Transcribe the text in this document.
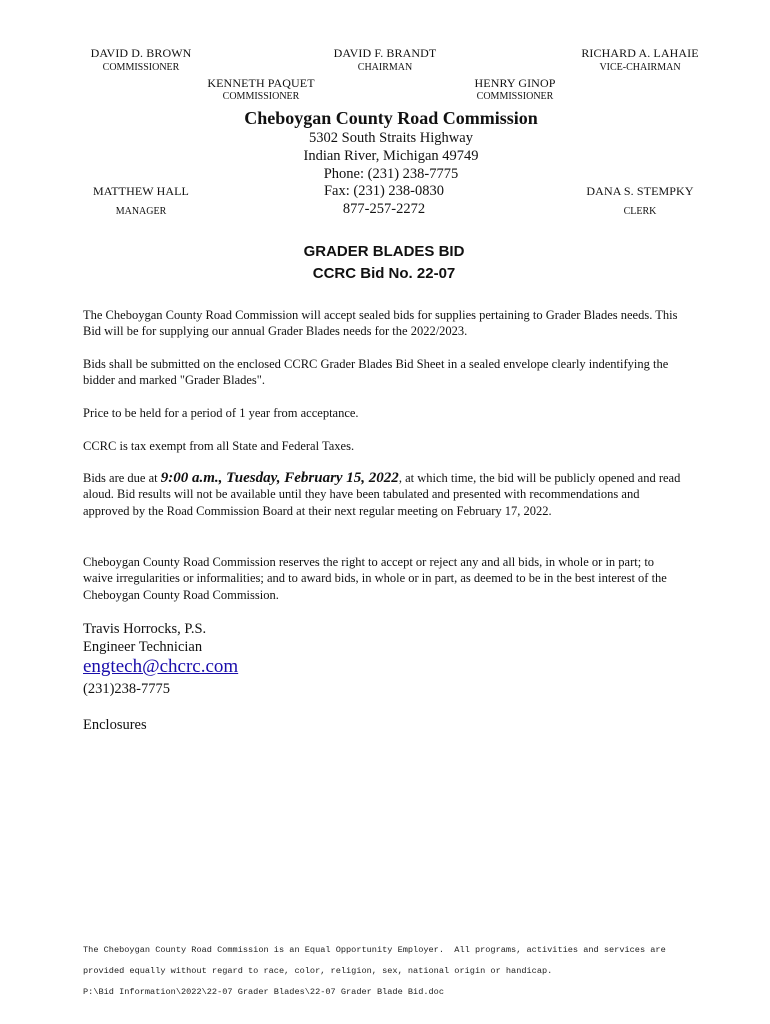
DAVID D. BROWN
COMMISSIONER
DAVID F. BRANDT
CHAIRMAN
RICHARD A. LAHAIE
VICE-CHAIRMAN
KENNETH PAQUET
COMMISSIONER
HENRY GINOP
COMMISSIONER
Cheboygan County Road Commission
5302 South Straits Highway
Indian River, Michigan 49749
Phone: (231) 238-7775
Fax: (231) 238-0830
877-257-2272
MATTHEW HALL
MANAGER
DANA S. STEMPKY
CLERK
GRADER BLADES BID
CCRC Bid No. 22-07

The Cheboygan County Road Commission will accept sealed bids for supplies pertaining to Grader Blades needs. This Bid will be for supplying our annual Grader Blades needs for the 2022/2023.

Bids shall be submitted on the enclosed CCRC Grader Blades Bid Sheet in a sealed envelope clearly indentifying the bidder and marked "Grader Blades".

Price to be held for a period of 1 year from acceptance.

CCRC is tax exempt from all State and Federal Taxes.

Bids are due at 9:00 a.m., Tuesday, February 15, 2022, at which time, the bid will be publicly opened and read aloud. Bid results will not be available until they have been tabulated and presented with recommendations and approved by the Road Commission Board at their next regular meeting on February 17, 2022.

Cheboygan County Road Commission reserves the right to accept or reject any and all bids, in whole or in part; to waive irregularities or informalities; and to award bids, in whole or in part, as deemed to be in the best interest of the Cheboygan County Road Commission.

Travis Horrocks, P.S.
Engineer Technician
engtech@chcrc.com
(231)238-7775
Enclosures

The Cheboygan County Road Commission is an Equal Opportunity Employer.  All programs, activities and services are

provided equally without regard to race, color, religion, sex, national origin or handicap.

P:\Bid Information\2022\22-07 Grader Blades\22-07 Grader Blade Bid.doc
